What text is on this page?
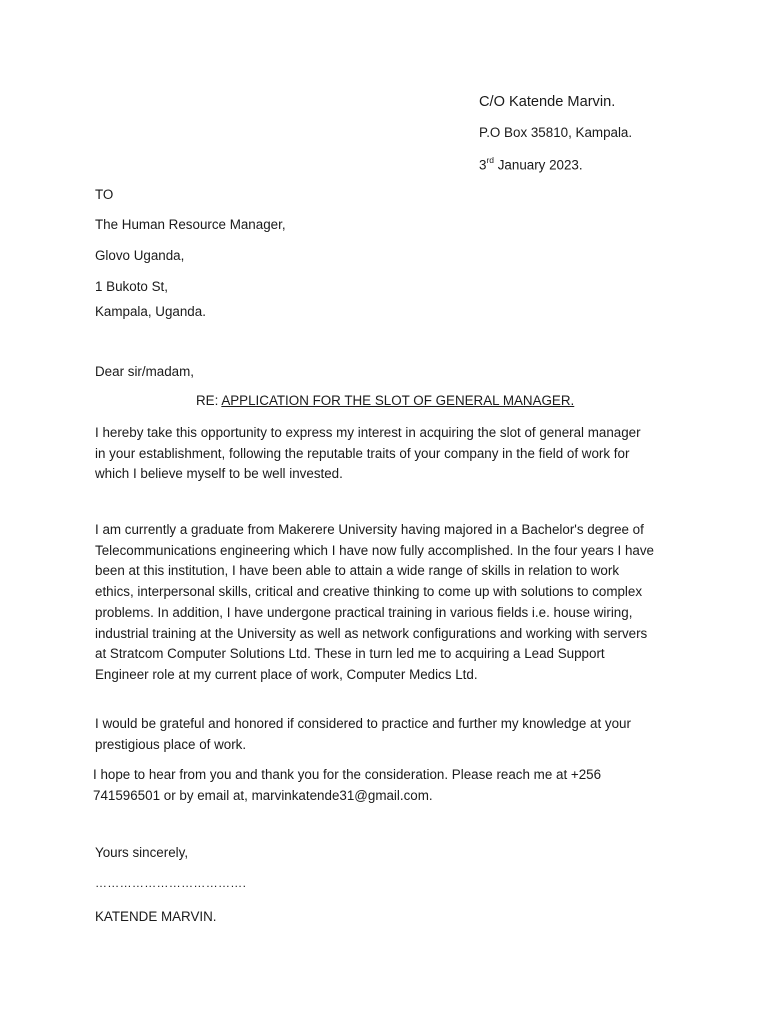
C/O Katende Marvin.
P.O Box 35810, Kampala.
3rd January 2023.
TO
The Human Resource Manager,
Glovo Uganda,
1 Bukoto St,
Kampala, Uganda.
Dear sir/madam,
RE: APPLICATION FOR THE SLOT OF GENERAL MANAGER.
I hereby take this opportunity to express my interest in acquiring the slot of general manager
in your establishment, following the reputable traits of your company in the field of work for
which I believe myself to be well invested.
I am currently a graduate from Makerere University having majored in a Bachelor's degree of
Telecommunications engineering which I have now fully accomplished. In the four years I have
been at this institution, I have been able to attain a wide range of skills in relation to work
ethics, interpersonal skills, critical and creative thinking to come up with solutions to complex
problems. In addition, I have undergone practical training in various fields i.e. house wiring,
industrial training at the University as well as network configurations and working with servers
at Stratcom Computer Solutions Ltd. These in turn led me to acquiring a Lead Support
Engineer role at my current place of work, Computer Medics Ltd.
I would be grateful and honored if considered to practice and further my knowledge at your
prestigious place of work.
I hope to hear from you and thank you for the consideration. Please reach me at +256
741596501 or by email at, marvinkatende31@gmail.com.
Yours sincerely,
……………………………….
KATENDE MARVIN.
